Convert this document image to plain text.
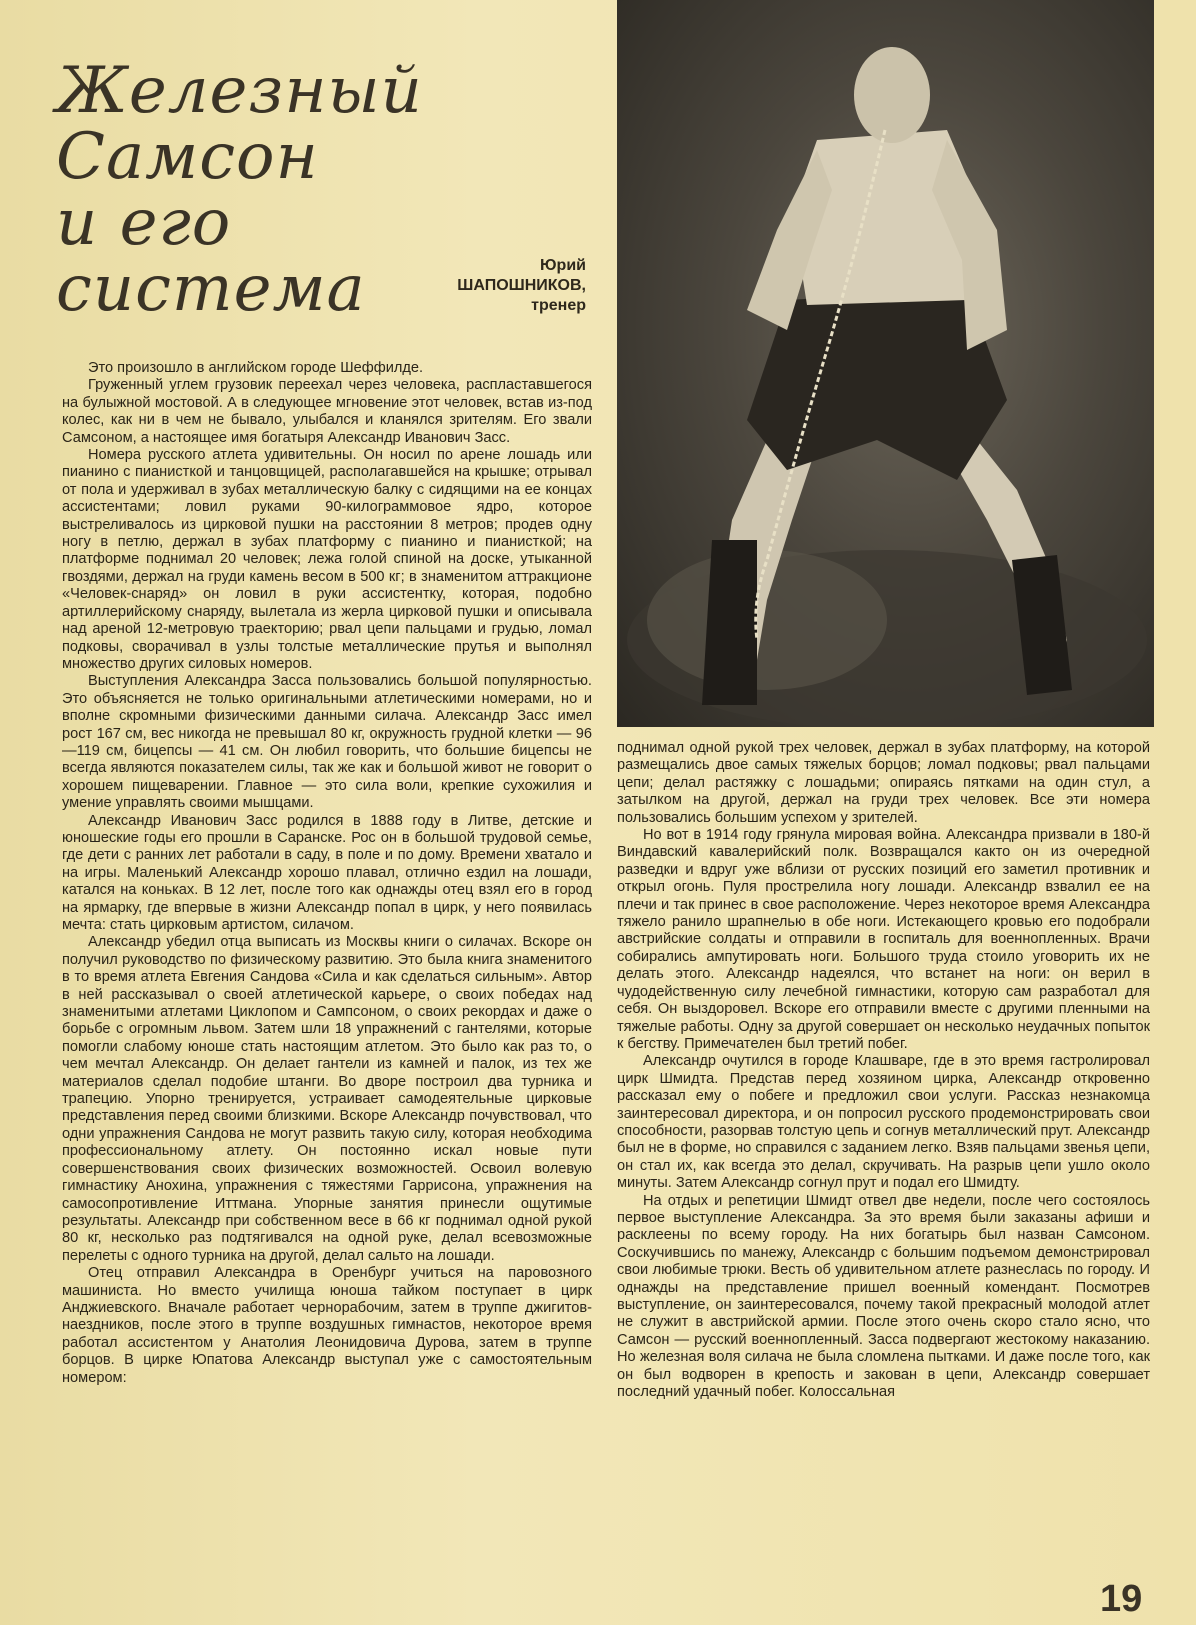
Железный
Самсон
и его
система	Юрий
ШАПОШНИКОВ,
тренер

Это произошло в английском городе Шеффилде.

Груженный углем грузовик переехал через человека, распластавшегося на булыжной мостовой. А в следующее мгновение этот человек, встав из-под колес, как ни в чем не бывало, улыбался и кланялся зрителям. Его звали Самсоном, а настоящее имя богатыря Александр Иванович Засс.

Номера русского атлета удивительны. Он носил по арене лошадь или пианино с пианисткой и танцовщицей, располагавшейся на крышке; отрывал от пола и удерживал в зубах металлическую балку с сидящими на ее концах ассистентами; ловил руками 90-килограммовое ядро, которое выстреливалось из цирковой пушки на расстоянии 8 метров; продев одну ногу в петлю, держал в зубах платформу с пианино и пианисткой; на платформе поднимал 20 человек; лежа голой спиной на доске, утыканной гвоздями, держал на груди камень весом в 500 кг; в знаменитом аттракционе «Человек-снаряд» он ловил в руки ассистентку, которая, подобно артиллерийскому снаряду, вылетала из жерла цирковой пушки и описывала над ареной 12-метровую траекторию; рвал цепи пальцами и грудью, ломал подковы, сворачивал в узлы толстые металлические прутья и выполнял множество других силовых номеров.

Выступления Александра Засса пользовались большой популярностью. Это объясняется не только оригинальными атлетическими номерами, но и вполне скромными физическими данными силача. Александр Засс имел рост 167 см, вес никогда не превышал 80 кг, окружность грудной клетки — 96—119 см, бицепсы — 41 см. Он любил говорить, что большие бицепсы не всегда являются показателем силы, так же как и большой живот не говорит о хорошем пищеварении. Главное — это сила воли, крепкие сухожилия и умение управлять своими мышцами.

Александр Иванович Засс родился в 1888 году в Литве, детские и юношеские годы его прошли в Саранске. Рос он в большой трудовой семье, где дети с ранних лет работали в саду, в поле и по дому. Времени хватало и на игры. Маленький Александр хорошо плавал, отлично ездил на лошади, катался на коньках. В 12 лет, после того как однажды отец взял его в город на ярмарку, где впервые в жизни Александр попал в цирк, у него появилась мечта: стать цирковым артистом, силачом.

Александр убедил отца выписать из Москвы книги о силачах. Вскоре он получил руководство по физическому развитию. Это была книга знаменитого в то время атлета Евгения Сандова «Сила и как сделаться сильным». Автор в ней рассказывал о своей атлетической карьере, о своих победах над знаменитыми атлетами Циклопом и Сампсоном, о своих рекордах и даже о борьбе с огромным львом. Затем шли 18 упражнений с гантелями, которые помогли слабому юноше стать настоящим атлетом. Это было как раз то, о чем мечтал Александр. Он делает гантели из камней и палок, из тех же материалов сделал подобие штанги. Во дворе построил два турника и трапецию. Упорно тренируется, устраивает самодеятельные цирковые представления перед своими близкими. Вскоре Александр почувствовал, что одни упражнения Сандова не могут развить такую силу, которая необходима профессиональному атлету. Он постоянно искал новые пути совершенствования своих физических возможностей. Освоил волевую гимнастику Анохина, упражнения с тяжестями Гаррисона, упражнения на самосопротивление Иттмана. Упорные занятия принесли ощутимые результаты. Александр при собственном весе в 66 кг поднимал одной рукой 80 кг, несколько раз подтягивался на одной руке, делал всевозможные перелеты с одного турника на другой, делал сальто на лошади.

Отец отправил Александра в Оренбург учиться на паровозного машиниста. Но вместо училища юноша тайком поступает в цирк Анджиевского. Вначале работает чернорабочим, затем в труппе джигитов-наездников, после этого в труппе воздушных гимнастов, некоторое время работал ассистентом у Анатолия Леонидовича Дурова, затем в труппе борцов. В цирке Юпатова Александр выступал уже с самостоятельным номером:

поднимал одной рукой трех человек, держал в зубах платформу, на которой размещались двое самых тяжелых борцов; ломал подковы; рвал пальцами цепи; делал растяжку с лошадьми; опираясь пятками на один стул, а затылком на другой, держал на груди трех человек. Все эти номера пользовались большим успехом у зрителей.

Но вот в 1914 году грянула мировая война. Александра призвали в 180-й Виндавский кавалерийский полк. Возвращался както он из очередной разведки и вдруг уже вблизи от русских позиций его заметил противник и открыл огонь. Пуля прострелила ногу лошади. Александр взвалил ее на плечи и так принес в свое расположение. Через некоторое время Александра тяжело ранило шрапнелью в обе ноги. Истекающего кровью его подобрали австрийские солдаты и отправили в госпиталь для военнопленных. Врачи собирались ампутировать ноги. Большого труда стоило уговорить их не делать этого. Александр надеялся, что встанет на ноги: он верил в чудодейственную силу лечебной гимнастики, которую сам разработал для себя. Он выздоровел. Вскоре его отправили вместе с другими пленными на тяжелые работы. Одну за другой совершает он несколько неудачных попыток к бегству. Примечателен был третий побег.

Александр очутился в городе Клашваре, где в это время гастролировал цирк Шмидта. Представ перед хозяином цирка, Александр откровенно рассказал ему о побеге и предложил свои услуги. Рассказ незнакомца заинтересовал директора, и он попросил русского продемонстрировать свои способности, разорвав толстую цепь и согнув металлический прут. Александр был не в форме, но справился с заданием легко. Взяв пальцами звенья цепи, он стал их, как всегда это делал, скручивать. На разрыв цепи ушло около минуты. Затем Александр согнул прут и подал его Шмидту.

На отдых и репетиции Шмидт отвел две недели, после чего состоялось первое выступление Александра. За это время были заказаны афиши и расклеены по всему городу. На них богатырь был назван Самсоном. Соскучившись по манежу, Александр с большим подъемом демонстрировал свои любимые трюки. Весть об удивительном атлете разнеслась по городу. И однажды на представление пришел военный комендант. Посмотрев выступление, он заинтересовался, почему такой прекрасный молодой атлет не служит в австрийской армии. После этого очень скоро стало ясно, что Самсон — русский военнопленный. Засса подвергают жестокому наказанию. Но железная воля силача не была сломлена пытками. И даже после того, как он был водворен в крепость и закован в цепи, Александр совершает последний удачный побег. Колоссальная

19
